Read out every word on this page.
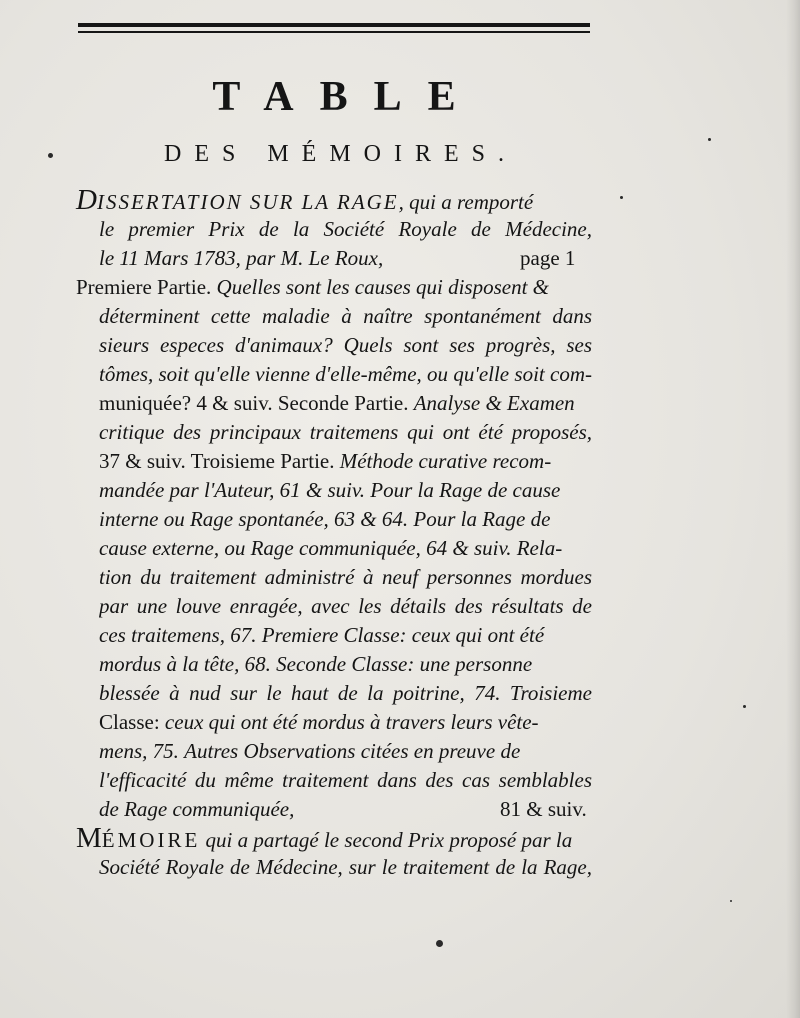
TABLE
DES MÉMOIRES.
DISSERTATION SUR LA RAGE, qui a remporté
le premier Prix de la Société Royale de Médecine,
le 11 Mars 1783, par M. Le Roux,	page 1
Premiere Partie. Quelles sont les causes qui disposent &
déterminent cette maladie à naître spontanément dans
sieurs especes d'animaux? Quels sont ses progrès, ses
tômes, soit qu'elle vienne d'elle-même, ou qu'elle soit com-
muniquée? 4 & suiv. Seconde Partie. Analyse & Examen
critique des principaux traitemens qui ont été proposés,
37 & suiv. Troisieme Partie. Méthode curative recom-
mandée par l'Auteur, 61 & suiv. Pour la Rage de cause
interne ou Rage spontanée, 63 & 64. Pour la Rage de
cause externe, ou Rage communiquée, 64 & suiv. Rela-
tion du traitement administré à neuf personnes mordues
par une louve enragée, avec les détails des résultats de
ces traitemens, 67. Premiere Classe: ceux qui ont été
mordus à la tête, 68. Seconde Classe: une personne
blessée à nud sur le haut de la poitrine, 74. Troisieme
Classe: ceux qui ont été mordus à travers leurs vête-
mens, 75. Autres Observations citées en preuve de
l'efficacité du même traitement dans des cas semblables
de Rage communiquée,	81 & suiv.
MÉMOIRE qui a partagé le second Prix proposé par la
Société Royale de Médecine, sur le traitement de la Rage,
